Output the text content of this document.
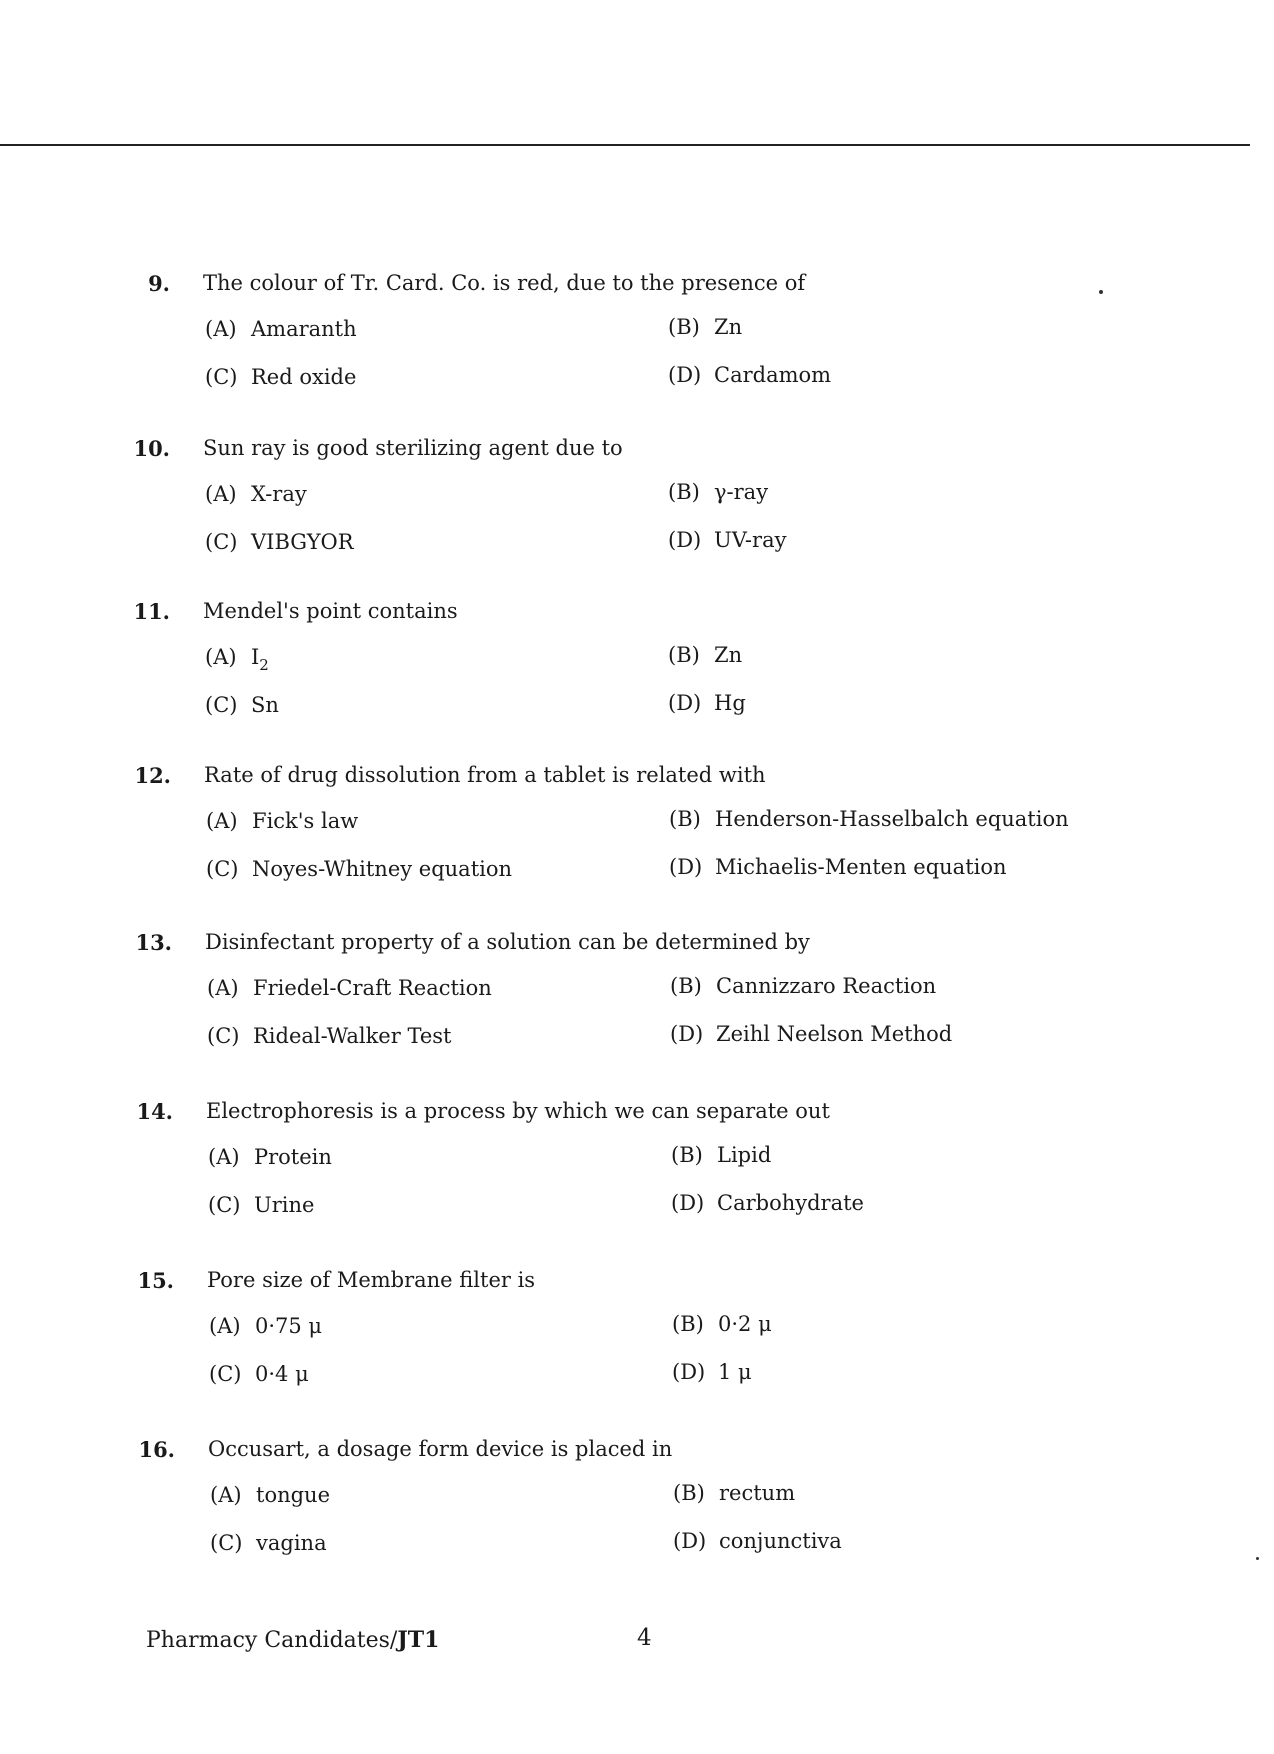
9. The colour of Tr. Card. Co. is red, due to the presence of
(A) Amaranth	(B) Zn
(C) Red oxide	(D) Cardamom
10. Sun ray is good sterilizing agent due to
(A) X-ray	(B) γ-ray
(C) VIBGYOR	(D) UV-ray
11. Mendel's point contains
(A) $I_2$	(B) Zn
(C) Sn	(D) Hg
12. Rate of drug dissolution from a tablet is related with
(A) Fick's law	(B) Henderson-Hasselbalch equation
(C) Noyes-Whitney equation	(D) Michaelis-Menten equation
13. Disinfectant property of a solution can be determined by
(A) Friedel-Craft Reaction	(B) Cannizzaro Reaction
(C) Rideal-Walker Test	(D) Zeihl Neelson Method
14. Electrophoresis is a process by which we can separate out
(A) Protein	(B) Lipid
(C) Urine	(D) Carbohydrate
15. Pore size of Membrane filter is
(A) 0·75 μ	(B) 0·2 μ
(C) 0·4 μ	(D) 1 μ
16. Occusart, a dosage form device is placed in
(A) tongue	(B) rectum
(C) vagina	(D) conjunctiva
Pharmacy Candidates/JT1	4
